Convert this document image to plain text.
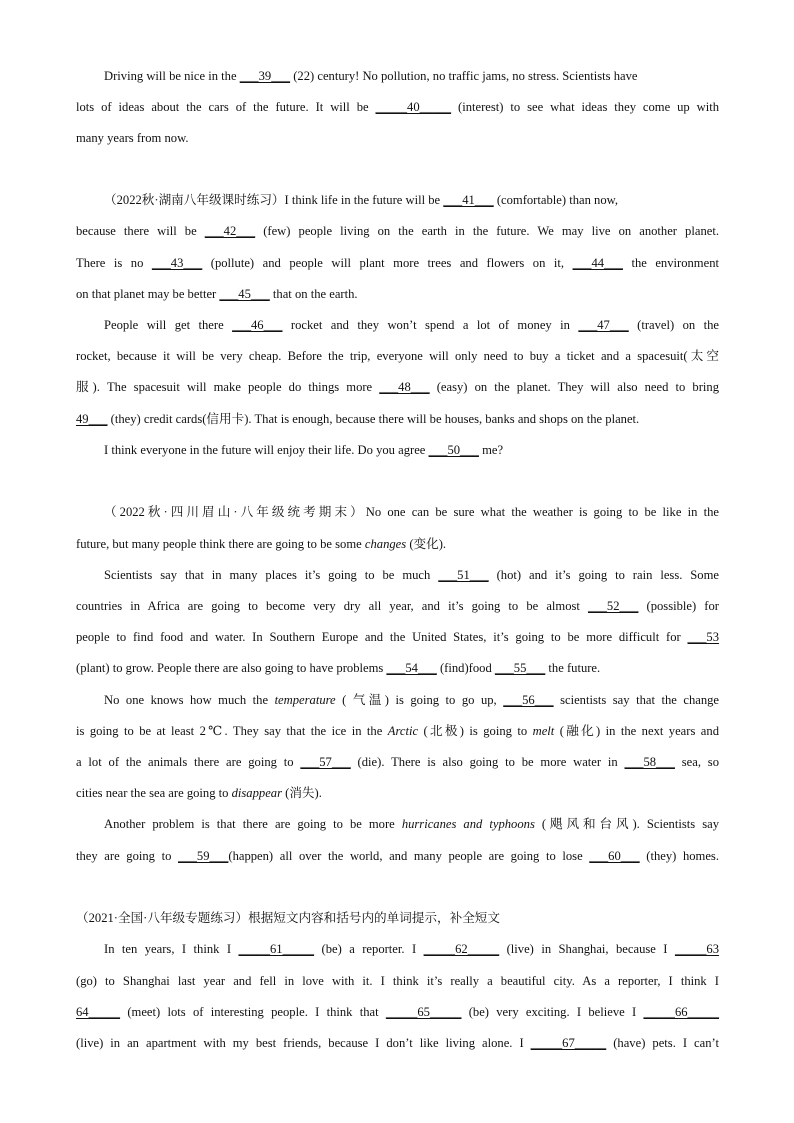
Driving will be nice in the ___39___ (22) century! No pollution, no traffic jams, no stress. Scientists have
lots of ideas about the cars of the future. It will be _____40_____ (interest) to see what ideas they come up with
many years from now.
（2022秋·湖南八年级课时练习）I think life in the future will be ___41___ (comfortable) than now,
because there will be ___42___ (few) people living on the earth in the future. We may live on another planet.
There is no ___43___ (pollute) and people will plant more trees and flowers on it, ___44___ the environment
on that planet may be better ___45___ that on the earth.
People will get there ___46___ rocket and they won’t spend a lot of money in ___47___ (travel) on the
rocket, because it will be very cheap. Before the trip, everyone will only need to buy a ticket and a spacesuit(太空
服). The spacesuit will make people do things more ___48___ (easy) on the planet. They will also need to bring
49___ (they) credit cards(信用卡). That is enough, because there will be houses, banks and shops on the planet.
I think everyone in the future will enjoy their life. Do you agree ___50___ me?
（2022秋·四川眉山·八年级统考期末）No one can be sure what the weather is going to be like in the
future, but many people think there are going to be some changes (变化).
Scientists say that in many places it’s going to be much ___51___ (hot) and it’s going to rain less. Some
countries in Africa are going to become very dry all year, and it’s going to be almost ___52___ (possible) for
people to find food and water. In Southern Europe and the United States, it’s going to be more difficult for ___53
(plant) to grow. People there are also going to have problems ___54___ (find)food ___55___ the future.
No one knows how much the temperature ( 气温) is going to go up, ___56___ scientists say that the change
is going to be at least 2℃. They say that the ice in the Arctic (北极) is going to melt (融化) in the next years and
a lot of the animals there are going to ___57___ (die). There is also going to be more water in ___58___ sea, so
cities near the sea are going to disappear (消失).
Another problem is that there are going to be more hurricanes and typhoons (飓风和台风). Scientists say
they are going to ___59___(happen) all over the world, and many people are going to lose ___60___ (they) homes.
（2021·全国·八年级专题练习）根据短文内容和括号内的单词提示，补全短文
In ten years, I think I _____61_____ (be) a reporter. I _____62_____ (live) in Shanghai, because I _____63
(go) to Shanghai last year and fell in love with it. I think it’s really a beautiful city. As a reporter, I think I
64_____ (meet) lots of interesting people. I think that _____65_____ (be) very exciting. I believe I _____66_____
(live) in an apartment with my best friends, because I don’t like living alone. I _____67_____ (have) pets. I can’t
